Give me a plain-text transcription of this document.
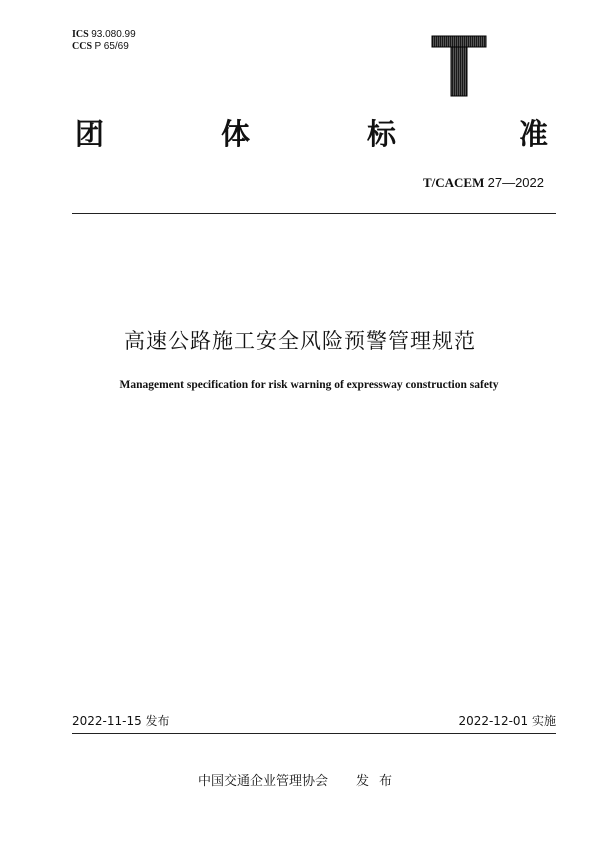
ICS 93.080.99
CCS P 65/69
T
团	体	标	准
T/CACEM 27—2022
高速公路施工安全风险预警管理规范
Management specification for risk warning of expressway construction safety
2022-11-15 发布	2022-12-01 实施
中国交通企业管理协会 发布
